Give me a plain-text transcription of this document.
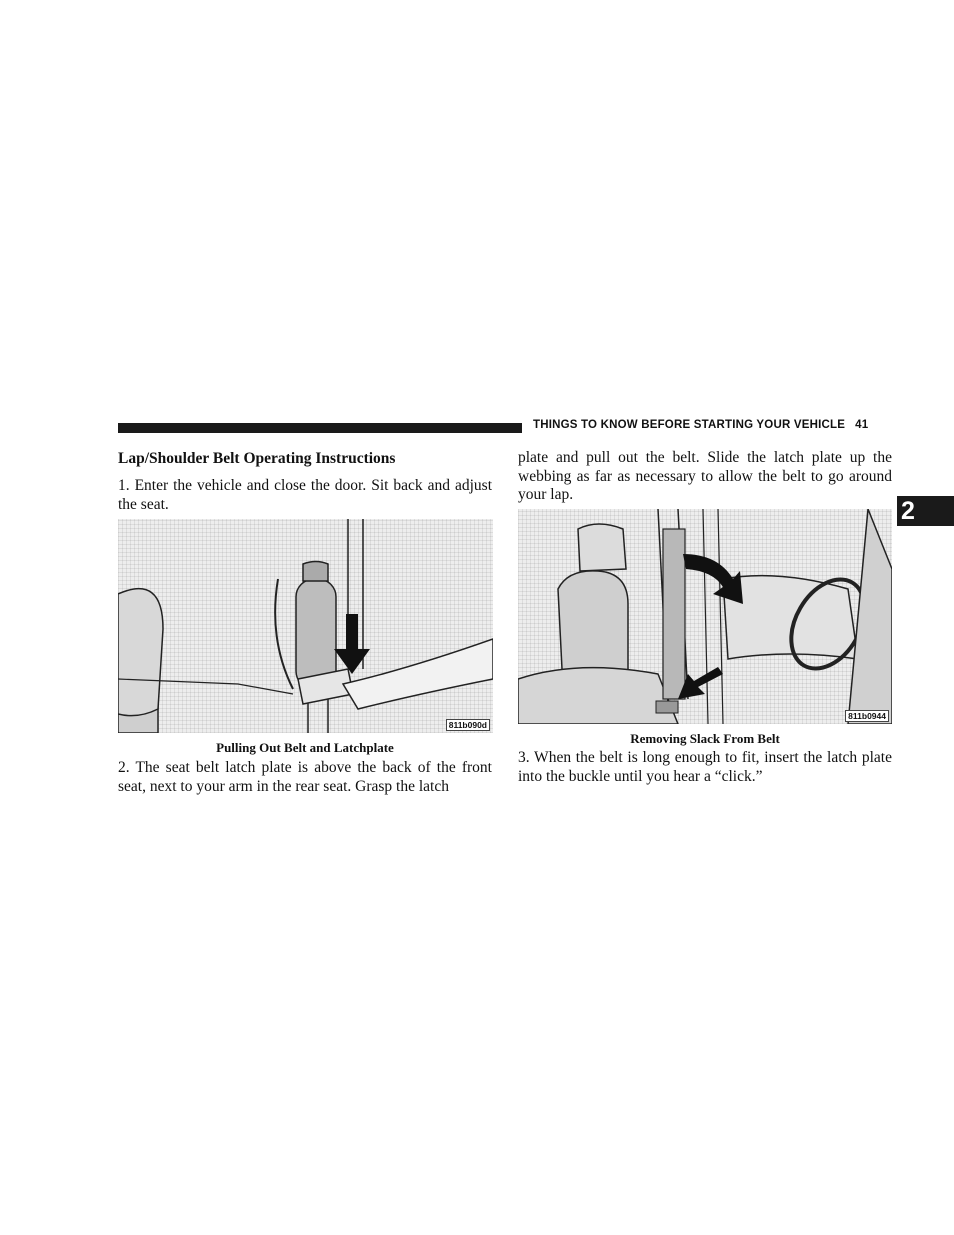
THINGS TO KNOW BEFORE STARTING YOUR VEHICLE 41
2
Lap/Shoulder Belt Operating Instructions

1. Enter the vehicle and close the door. Sit back and adjust the seat.

811b090d
Pulling Out Belt and Latchplate

2. The seat belt latch plate is above the back of the front seat, next to your arm in the rear seat. Grasp the latch

plate and pull out the belt. Slide the latch plate up the webbing as far as necessary to allow the belt to go around your lap.

811b0944
Removing Slack From Belt

3. When the belt is long enough to fit, insert the latch plate into the buckle until you hear a “click.”
